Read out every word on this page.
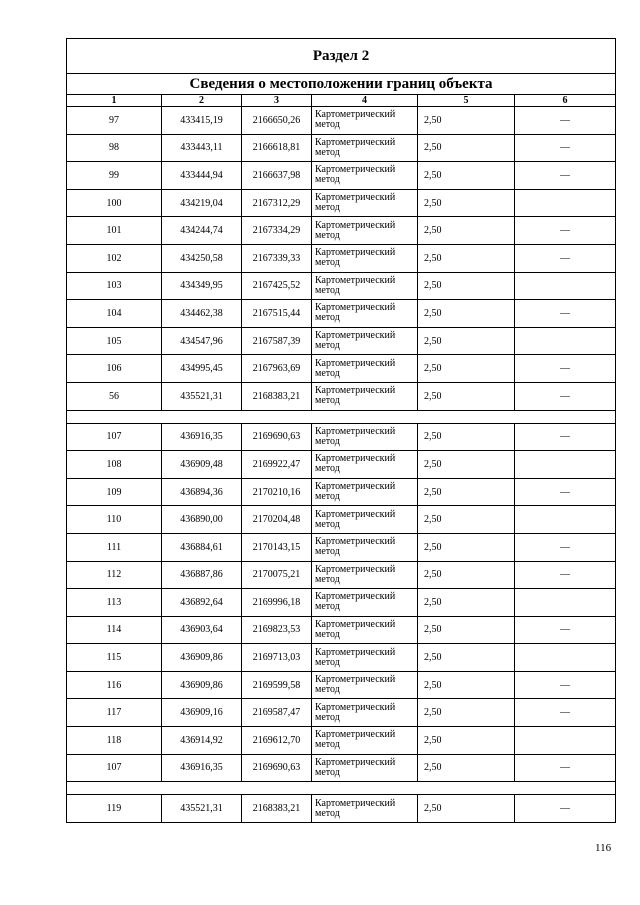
Раздел 2					
Сведения о местоположении границ объекта					
1	2	3	4	5	6
97	433415,19	2166650,26	Картометрический метод	2,50	—
98	433443,11	2166618,81	Картометрический метод	2,50	—
99	433444,94	2166637,98	Картометрический метод	2,50	—
100	434219,04	2167312,29	Картометрический метод	2,50	
101	434244,74	2167334,29	Картометрический метод	2,50	—
102	434250,58	2167339,33	Картометрический метод	2,50	—
103	434349,95	2167425,52	Картометрический метод	2,50	
104	434462,38	2167515,44	Картометрический метод	2,50	—
105	434547,96	2167587,39	Картометрический метод	2,50	
106	434995,45	2167963,69	Картометрический метод	2,50	—
56	435521,31	2168383,21	Картометрический метод	2,50	—

107	436916,35	2169690,63	Картометрический метод	2,50	—
108	436909,48	2169922,47	Картометрический метод	2,50	
109	436894,36	2170210,16	Картометрический метод	2,50	—
110	436890,00	2170204,48	Картометрический метод	2,50	
111	436884,61	2170143,15	Картометрический метод	2,50	—
112	436887,86	2170075,21	Картометрический метод	2,50	—
113	436892,64	2169996,18	Картометрический метод	2,50	
114	436903,64	2169823,53	Картометрический метод	2,50	—
115	436909,86	2169713,03	Картометрический метод	2,50	
116	436909,86	2169599,58	Картометрический метод	2,50	—
117	436909,16	2169587,47	Картометрический метод	2,50	—
118	436914,92	2169612,70	Картометрический метод	2,50	
107	436916,35	2169690,63	Картометрический метод	2,50	—

119	435521,31	2168383,21	Картометрический метод	2,50	—
116
